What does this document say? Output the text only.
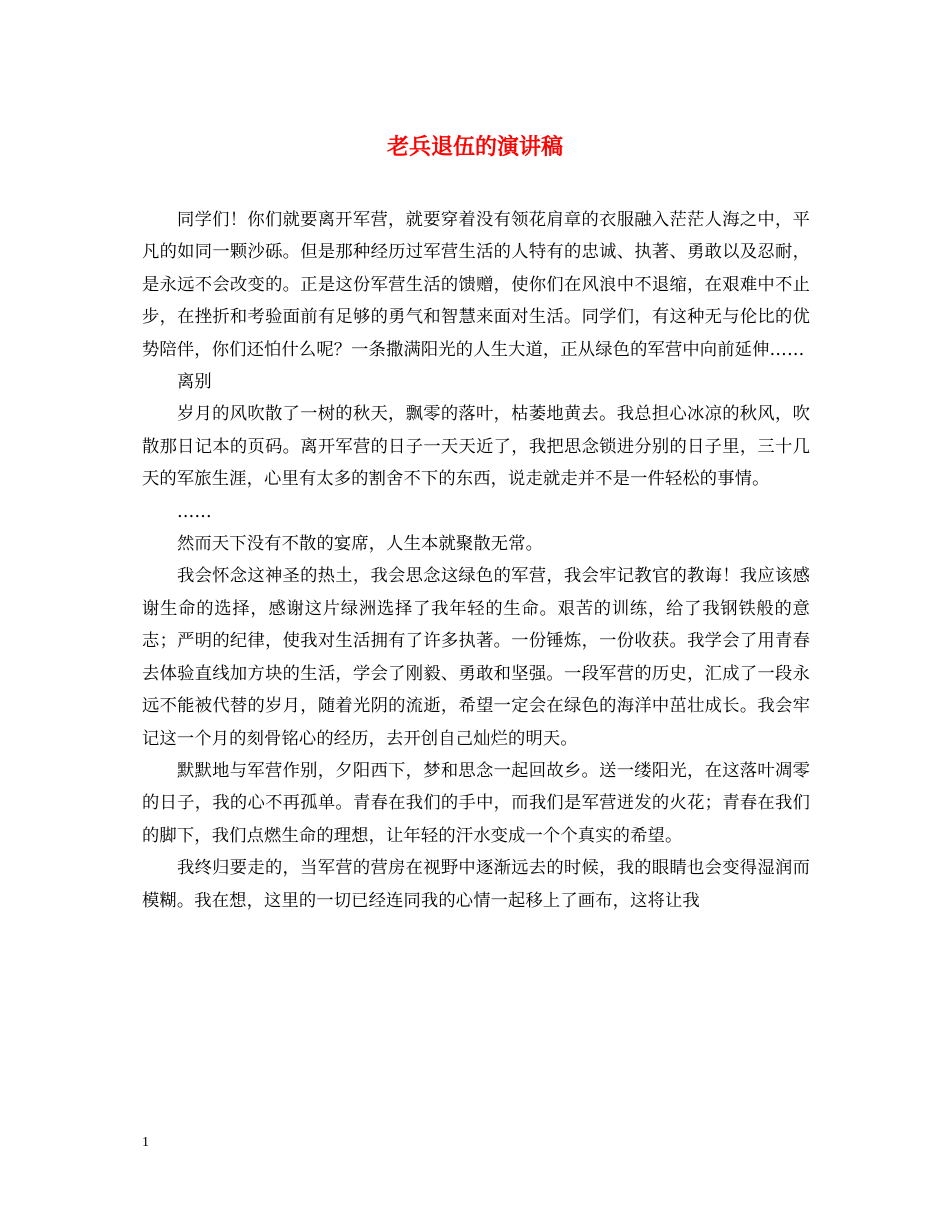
老兵退伍的演讲稿

同学们！你们就要离开军营，就要穿着没有领花肩章的衣服融入茫茫人海之中，平凡的如同一颗沙砾。但是那种经历过军营生活的人特有的忠诚、执著、勇敢以及忍耐，是永远不会改变的。正是这份军营生活的馈赠，使你们在风浪中不退缩，在艰难中不止步，在挫折和考验面前有足够的勇气和智慧来面对生活。同学们，有这种无与伦比的优势陪伴，你们还怕什么呢？一条撒满阳光的人生大道，正从绿色的军营中向前延伸……

离别

岁月的风吹散了一树的秋天，飘零的落叶，枯萎地黄去。我总担心冰凉的秋风，吹散那日记本的页码。离开军营的日子一天天近了，我把思念锁进分别的日子里，三十几天的军旅生涯，心里有太多的割舍不下的东西，说走就走并不是一件轻松的事情。

……

然而天下没有不散的宴席，人生本就聚散无常。

我会怀念这神圣的热土，我会思念这绿色的军营，我会牢记教官的教诲！我应该感谢生命的选择，感谢这片绿洲选择了我年轻的生命。艰苦的训练，给了我钢铁般的意志；严明的纪律，使我对生活拥有了许多执著。一份锤炼，一份收获。我学会了用青春去体验直线加方块的生活，学会了刚毅、勇敢和坚强。一段军营的历史，汇成了一段永远不能被代替的岁月，随着光阴的流逝，希望一定会在绿色的海洋中茁壮成长。我会牢记这一个月的刻骨铭心的经历，去开创自己灿烂的明天。

默默地与军营作别，夕阳西下，梦和思念一起回故乡。送一缕阳光，在这落叶凋零的日子，我的心不再孤单。青春在我们的手中，而我们是军营迸发的火花；青春在我们的脚下，我们点燃生命的理想，让年轻的汗水变成一个个真实的希望。

我终归要走的，当军营的营房在视野中逐渐远去的时候，我的眼睛也会变得湿润而模糊。我在想，这里的一切已经连同我的心情一起移上了画布，这将让我

1
